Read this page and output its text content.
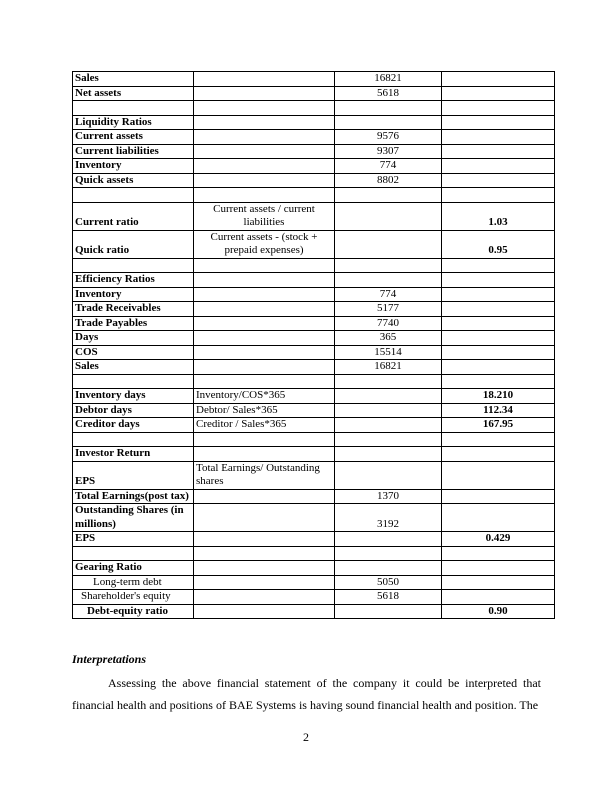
Sales		16821	
Net assets		5618	

Liquidity Ratios			
Current assets		9576	
Current liabilities		9307	
Inventory		774	
Quick assets		8802	

Current ratio	Current assets / current liabilities		1.03
Quick ratio	Current assets - (stock + prepaid expenses)		0.95

Efficiency Ratios			
Inventory		774	
Trade Receivables		5177	
Trade Payables		7740	
Days		365	
COS		15514	
Sales		16821	

Inventory days	Inventory/COS*365		18.210
Debtor days	Debtor/ Sales*365		112.34
Creditor days	Creditor / Sales*365		167.95

Investor Return			
EPS	Total Earnings/ Outstanding shares		
Total Earnings(post tax)		1370	
Outstanding Shares (in millions)		3192	
EPS			0.429

Gearing Ratio			
Long-term debt		5050	
Shareholder's equity		5618	
Debt-equity ratio			0.90
Interpretations

Assessing the above financial statement of the company it could be interpreted that financial health and positions of BAE Systems is having sound financial health and position. The

2
